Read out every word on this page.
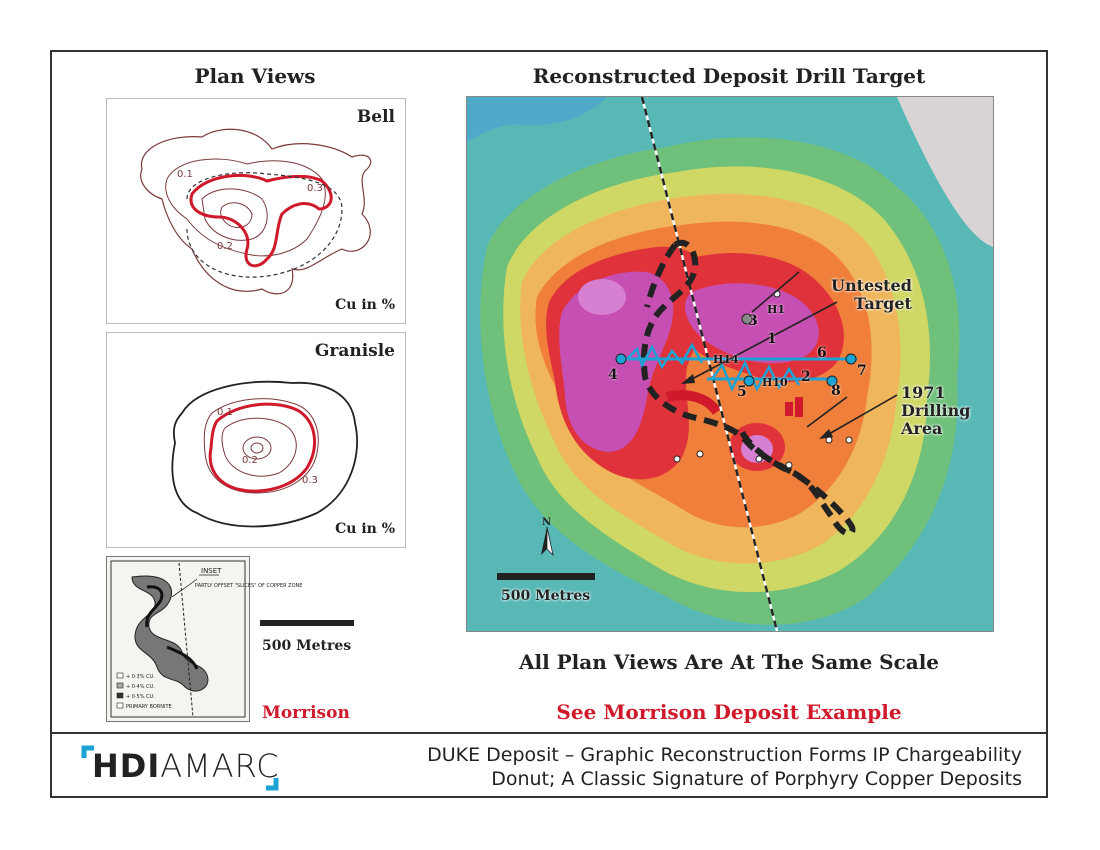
Plan Views	Reconstructed Deposit Drill Target
0.1
0.2
0.3
Bell
Cu in %
0.1
0.2
0.3
Granisle
Cu in %
INSET
PARTLY OFFSET "SLICES" OF COPPER ZONE
+ 0·3% CU.
+ 0·4% CU.
+ 0·5% CU.
PRIMARY BORNITE
500 Metres
Morrison
N
Untested
Target
1971
Drilling
Area
500 Metres
1
2
3
4
5
6
7
8
H1
H10
H14
All Plan Views Are At The Same Scale
See Morrison Deposit Example
HDIAMARC	DUKE Deposit – Graphic Reconstruction Forms IP Chargeability
Donut; A Classic Signature of Porphyry Copper Deposits
